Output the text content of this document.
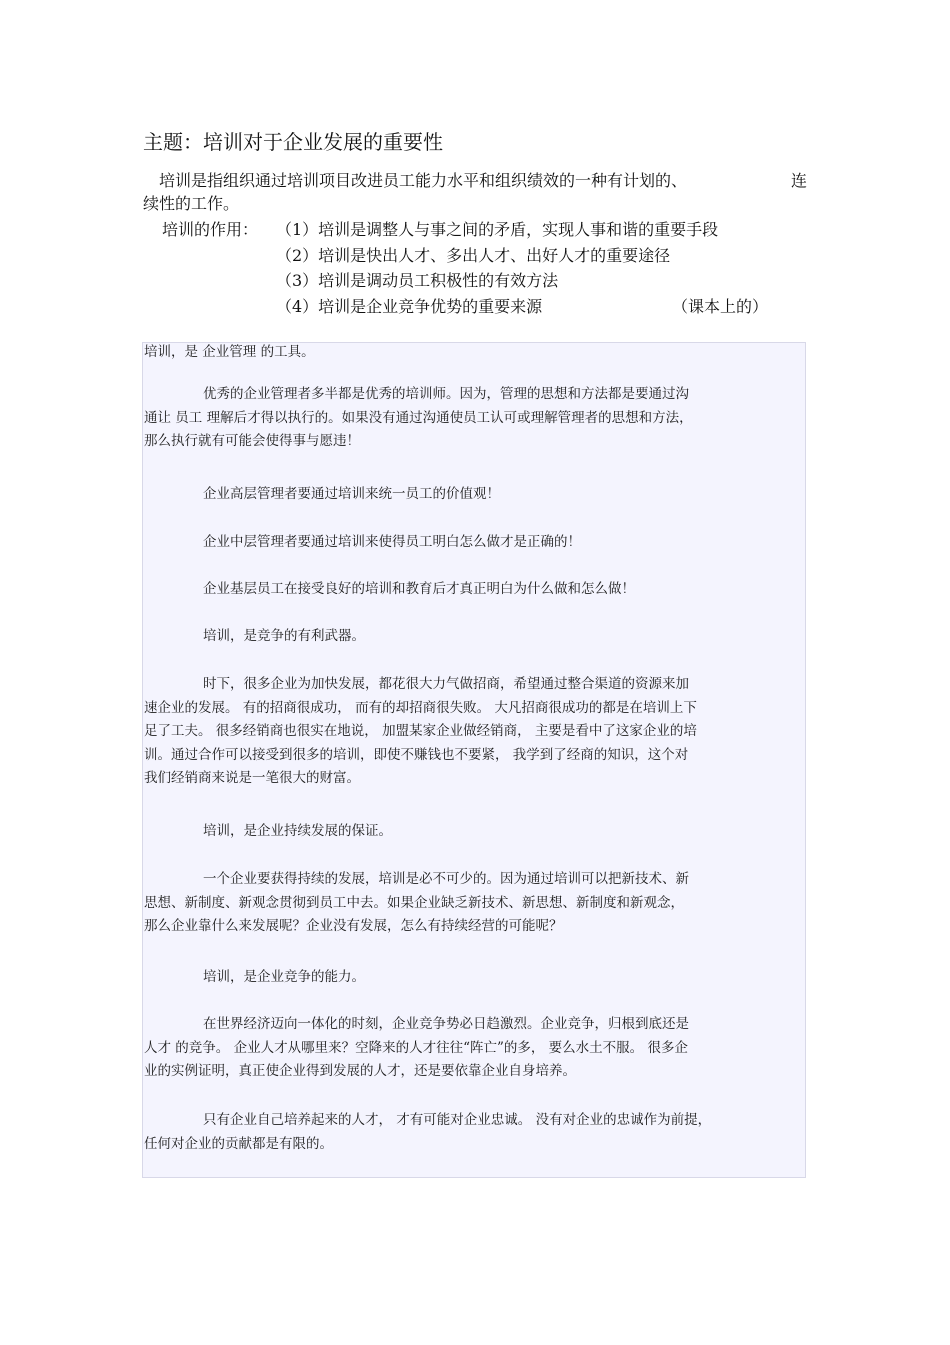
主题：培训对于企业发展的重要性
培训是指组织通过培训项目改进员工能力水平和组织绩效的一种有计划的、	连
续性的工作。
培训的作用： （1）培训是调整人与事之间的矛盾，实现人事和谐的重要手段
（2）培训是快出人才、多出人才、出好人才的重要途径
（3）培训是调动员工积极性的有效方法
（4）培训是企业竞争优势的重要来源	（课本上的）
培训，是 企业管理 的工具。
优秀的企业管理者多半都是优秀的培训师。因为，管理的思想和方法都是要通过沟
通让 员工 理解后才得以执行的。如果没有通过沟通使员工认可或理解管理者的思想和方法，
那么执行就有可能会使得事与愿违！
企业高层管理者要通过培训来统一员工的价值观！
企业中层管理者要通过培训来使得员工明白怎么做才是正确的！
企业基层员工在接受良好的培训和教育后才真正明白为什么做和怎么做！
培训，是竞争的有利武器。
时下，很多企业为加快发展，都花很大力气做招商，希望通过整合渠道的资源来加
速企业的发展。 有的招商很成功， 而有的却招商很失败。 大凡招商很成功的都是在培训上下
足了工夫。 很多经销商也很实在地说， 加盟某家企业做经销商， 主要是看中了这家企业的培
训。通过合作可以接受到很多的培训，即使不赚钱也不要紧， 我学到了经商的知识，这个对
我们经销商来说是一笔很大的财富。
培训，是企业持续发展的保证。
一个企业要获得持续的发展，培训是必不可少的。因为通过培训可以把新技术、新
思想、新制度、新观念贯彻到员工中去。如果企业缺乏新技术、新思想、新制度和新观念，
那么企业靠什么来发展呢？企业没有发展，怎么有持续经营的可能呢？
培训，是企业竞争的能力。
在世界经济迈向一体化的时刻，企业竞争势必日趋激烈。企业竞争，归根到底还是
人才 的竞争。 企业人才从哪里来？空降来的人才往往“阵亡”的多， 要么水土不服。 很多企
业的实例证明，真正使企业得到发展的人才，还是要依靠企业自身培养。
只有企业自己培养起来的人才， 才有可能对企业忠诚。 没有对企业的忠诚作为前提，
任何对企业的贡献都是有限的。
